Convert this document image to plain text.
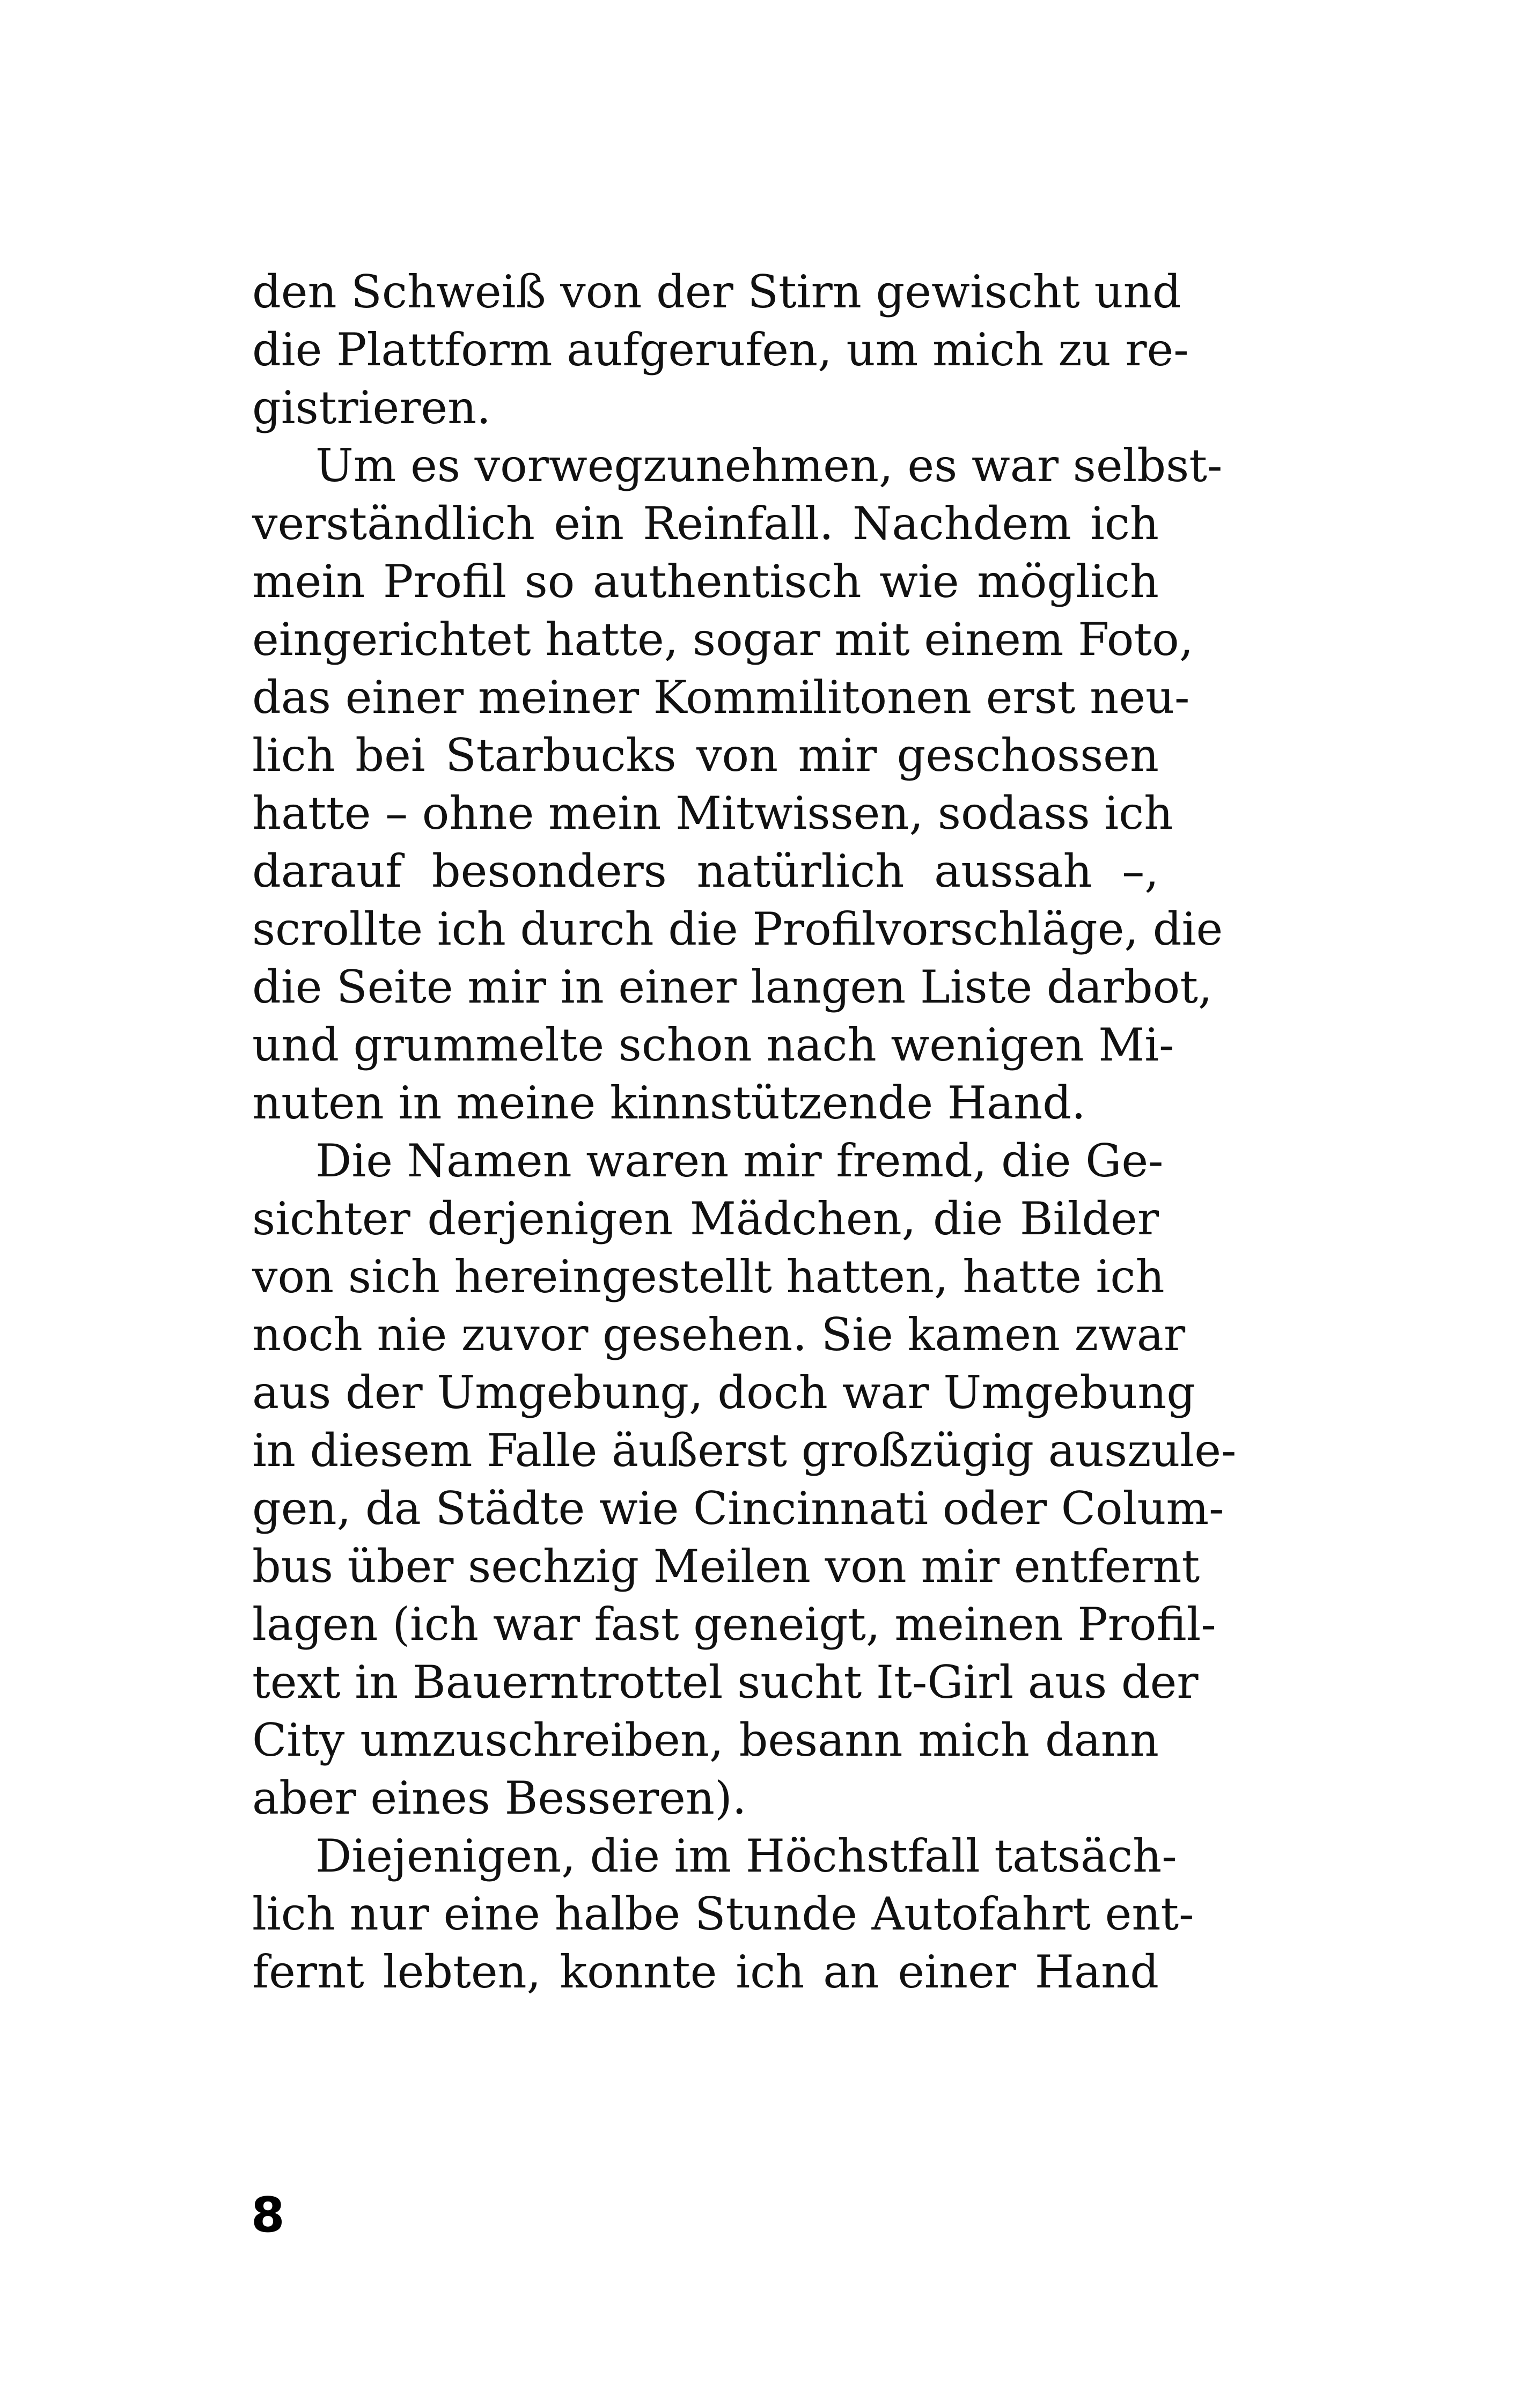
den Schweiß von der Stirn gewischt und
die Plattform aufgerufen, um mich zu re-
gistrieren.
Um es vorwegzunehmen, es war selbst-
verständlich ein Reinfall. Nachdem ich
mein Profil so authentisch wie möglich
eingerichtet hatte, sogar mit einem Foto,
das einer meiner Kommilitonen erst neu-
lich bei Starbucks von mir geschossen
hatte – ohne mein Mitwissen, sodass ich
darauf besonders natürlich aussah –,
scrollte ich durch die Profilvorschläge, die
die Seite mir in einer langen Liste darbot,
und grummelte schon nach wenigen Mi-
nuten in meine kinnstützende Hand.
Die Namen waren mir fremd, die Ge-
sichter derjenigen Mädchen, die Bilder
von sich hereingestellt hatten, hatte ich
noch nie zuvor gesehen. Sie kamen zwar
aus der Umgebung, doch war Umgebung
in diesem Falle äußerst großzügig auszule-
gen, da Städte wie Cincinnati oder Colum-
bus über sechzig Meilen von mir entfernt
lagen (ich war fast geneigt, meinen Profil-
text in Bauerntrottel sucht It-Girl aus der
City umzuschreiben, besann mich dann
aber eines Besseren).
Diejenigen, die im Höchstfall tatsäch-
lich nur eine halbe Stunde Autofahrt ent-
fernt lebten, konnte ich an einer Hand
8
